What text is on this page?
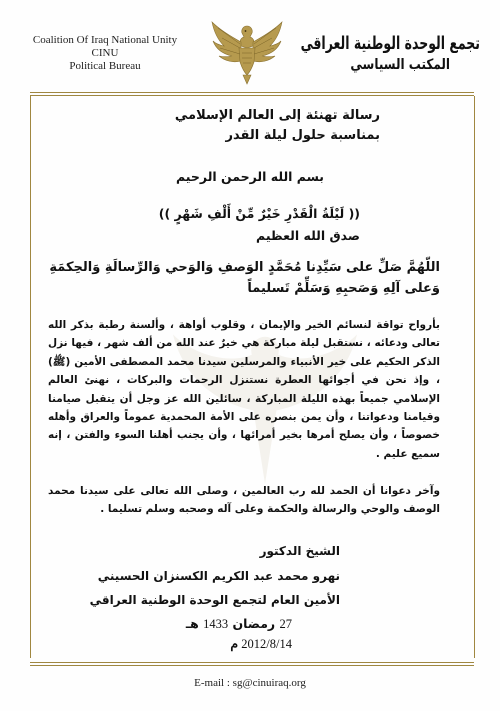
Coalition Of Iraq National Unity
CINU
Political Bureau
تجمع الوحدة الوطنية العراقي
المكتب السياسي
رسالة تهنئة إلى العالم الإسلامي
بمناسبة حلول ليلة القدر
بسم الله الرحمن الرحيم
(( لَيْلَةُ الْقَدْرِ خَيْرٌ مِّنْ أَلْفِ شَهْرٍ ))
صدق الله العظيم
اللّهُمَّ صَلِّ على سَيِّدِنا مُحَمَّدٍ الوَصفِ وَالوَحي وَالرِّسالَةِ وَالحِكمَةِ
وَعلى آلِهِ وَصَحبِهِ وَسَلِّمْ تَسليماً
بأرواح تواقة لنسائم الخير والإيمان ، وقلوب أواهة ، وألسنة رطبة بذكر الله تعالى ودعائه ، نستقبل ليلة مباركة هي خيرٌ عند الله من ألف شهر ، فيها نزل الذكر الحكيم على خير الأنبياء والمرسلين سيدنا محمد المصطفى الأمين (ﷺ) ، وإذ نحن في أجوائها العطرة نستنزل الرحمات والبركات ، نهنئ العالم الإسلامي جميعاً بهذه الليلة المباركة ، سائلين الله عز وجل أن يتقبل صيامنا وقيامنا ودعواتنا ، وأن يمن بنصره على الأمة المحمدية عموماً والعراق وأهله خصوصاً ، وأن يصلح أمرها بخير أمرائها ، وأن يجنب أهلنا السوء والفتن ، إنه سميع عليم .
وآخر دعوانا أن الحمد لله رب العالمين ، وصلى الله تعالى على سيدنا محمد الوصف والوحي والرسالة والحكمة وعلى آله وصحبه وسلم تسليما .
الشيخ الدكتور
نهرو محمد عبد الكريم الكسنزان الحسيني
الأمين العام لتجمع الوحدة الوطنية العراقي
27 رمضان 1433 هـ
2012/8/14 م
E-mail : sg@cinuiraq.org
